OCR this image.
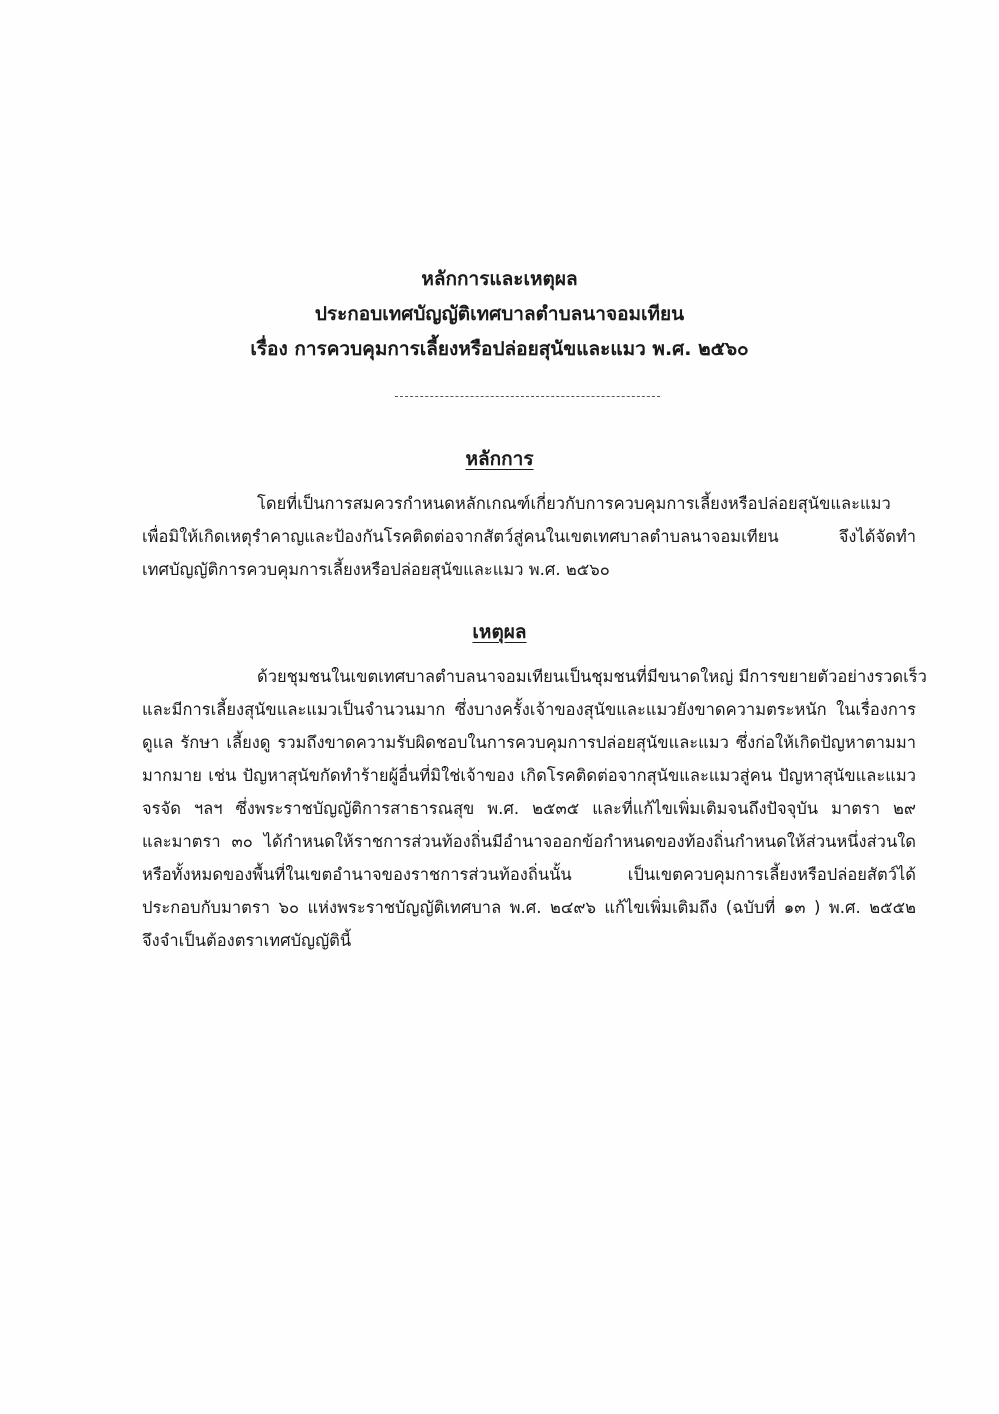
หลักการและเหตุผล
ประกอบเทศบัญญัติเทศบาลตำบลนาจอมเทียน
เรื่อง การควบคุมการเลี้ยงหรือปล่อยสุนัขและแมว พ.ศ. ๒๕๖๐
หลักการ
โดยที่เป็นการสมควรกำหนดหลักเกณฑ์เกี่ยวกับการควบคุมการเลี้ยงหรือปล่อยสุนัขและแมว
เพื่อมิให้เกิดเหตุรำคาญและป้องกันโรคติดต่อจากสัตว์สู่คนในเขตเทศบาลตำบลนาจอมเทียน จึงได้จัดทำ
เทศบัญญัติการควบคุมการเลี้ยงหรือปล่อยสุนัขและแมว พ.ศ. ๒๕๖๐
เหตุผล
ด้วยชุมชนในเขตเทศบาลตำบลนาจอมเทียนเป็นชุมชนที่มีขนาดใหญ่ มีการขยายตัวอย่างรวดเร็ว
และมีการเลี้ยงสุนัขและแมวเป็นจำนวนมาก ซึ่งบางครั้งเจ้าของสุนัขและแมวยังขาดความตระหนัก ในเรื่องการ
ดูแล รักษา เลี้ยงดู รวมถึงขาดความรับผิดชอบในการควบคุมการปล่อยสุนัขและแมว ซึ่งก่อให้เกิดปัญหาตามมา
มากมาย เช่น ปัญหาสุนัขกัดทำร้ายผู้อื่นที่มิใช่เจ้าของ เกิดโรคติดต่อจากสุนัขและแมวสู่คน ปัญหาสุนัขและแมว
จรจัด ฯลฯ ซึ่งพระราชบัญญัติการสาธารณสุข พ.ศ. ๒๕๓๕ และที่แก้ไขเพิ่มเติมจนถึงปัจจุบัน มาตรา ๒๙
และมาตรา ๓๐ ได้กำหนดให้ราชการส่วนท้องถิ่นมีอำนาจออกข้อกำหนดของท้องถิ่นกำหนดให้ส่วนหนึ่งส่วนใด
หรือทั้งหมดของพื้นที่ในเขตอำนาจของราชการส่วนท้องถิ่นนั้น เป็นเขตควบคุมการเลี้ยงหรือปล่อยสัตว์ได้
ประกอบกับมาตรา ๖๐ แห่งพระราชบัญญัติเทศบาล พ.ศ. ๒๔๙๖ แก้ไขเพิ่มเติมถึง (ฉบับที่ ๑๓ ) พ.ศ. ๒๕๕๒
จึงจำเป็นต้องตราเทศบัญญัตินี้
